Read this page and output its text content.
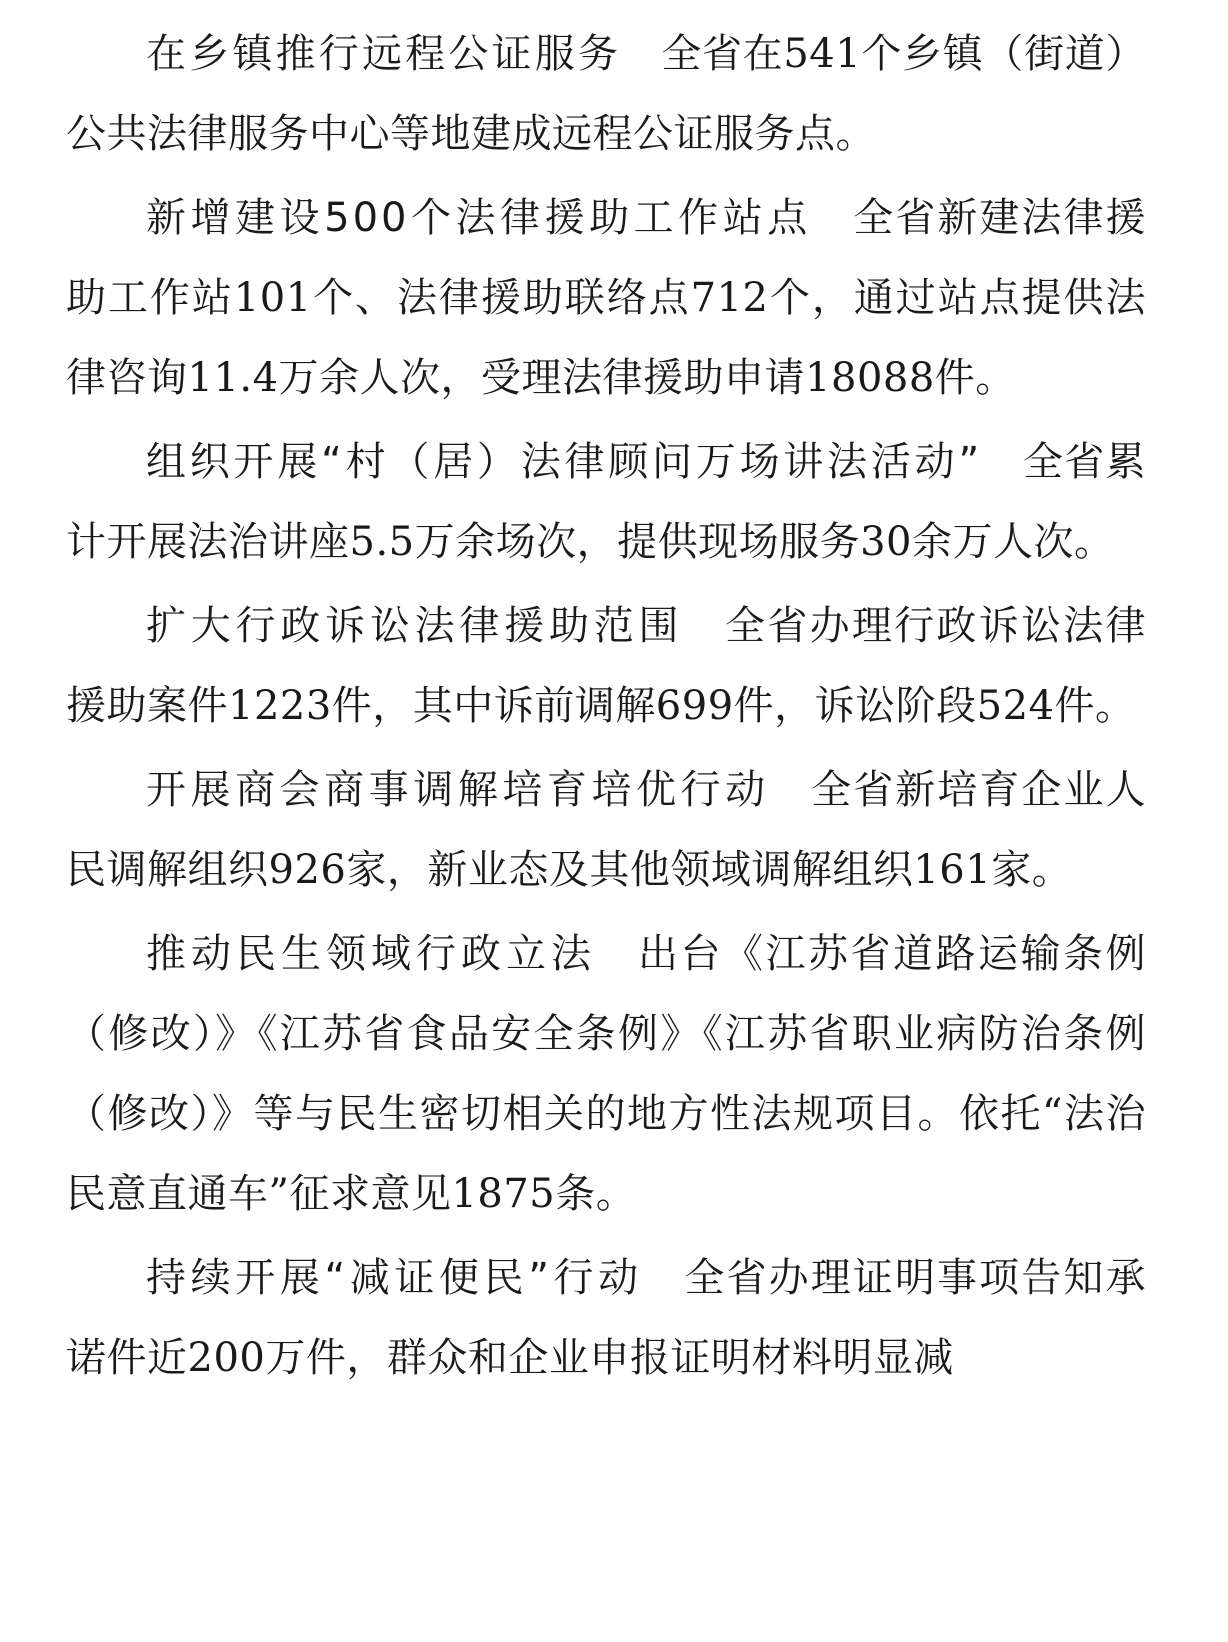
在乡镇推行远程公证服务 全省在541个乡镇（街道）公共法律服务中心等地建成远程公证服务点。

新增建设500个法律援助工作站点 全省新建法律援助工作站101个、法律援助联络点712个，通过站点提供法律咨询11.4万余人次，受理法律援助申请18088件。

组织开展“村（居）法律顾问万场讲法活动” 全省累计开展法治讲座5.5万余场次，提供现场服务30余万人次。

扩大行政诉讼法律援助范围 全省办理行政诉讼法律援助案件1223件，其中诉前调解699件，诉讼阶段524件。

开展商会商事调解培育培优行动 全省新培育企业人民调解组织926家，新业态及其他领域调解组织161家。

推动民生领域行政立法 出台《江苏省道路运输条例（修改）》《江苏省食品安全条例》《江苏省职业病防治条例（修改）》等与民生密切相关的地方性法规项目。依托“法治民意直通车”征求意见1875条。

持续开展“减证便民”行动 全省办理证明事项告知承诺件近200万件，群众和企业申报证明材料明显减
